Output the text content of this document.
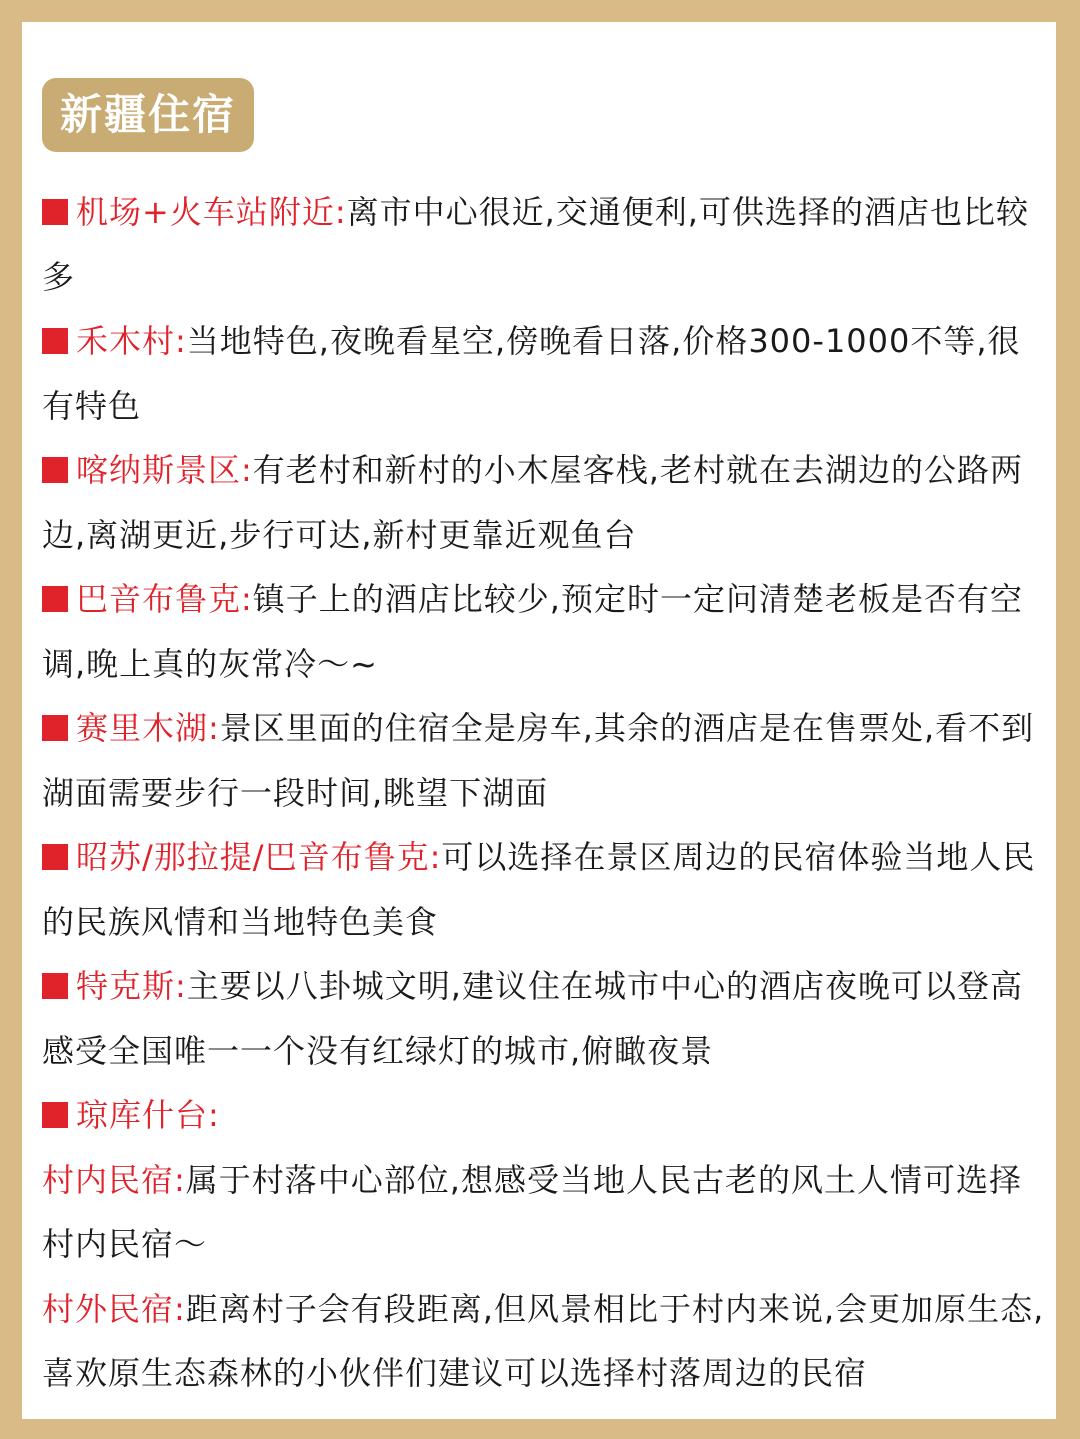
新疆住宿

机场+火车站附近:离市中心很近,交通便利,可供选择的酒店也比较多

禾木村:当地特色,夜晚看星空,傍晚看日落,价格300-1000不等,很有特色

喀纳斯景区:有老村和新村的小木屋客栈,老村就在去湖边的公路两边,离湖更近,步行可达,新村更靠近观鱼台

巴音布鲁克:镇子上的酒店比较少,预定时一定问清楚老板是否有空调,晚上真的灰常冷～~

赛里木湖:景区里面的住宿全是房车,其余的酒店是在售票处,看不到湖面需要步行一段时间,眺望下湖面

昭苏/那拉提/巴音布鲁克:可以选择在景区周边的民宿体验当地人民的民族风情和当地特色美食

特克斯:主要以八卦城文明,建议住在城市中心的酒店夜晚可以登高感受全国唯一一个没有红绿灯的城市,俯瞰夜景

琼库什台:

村内民宿:属于村落中心部位,想感受当地人民古老的风土人情可选择村内民宿～

村外民宿:距离村子会有段距离,但风景相比于村内来说,会更加原生态,喜欢原生态森林的小伙伴们建议可以选择村落周边的民宿
